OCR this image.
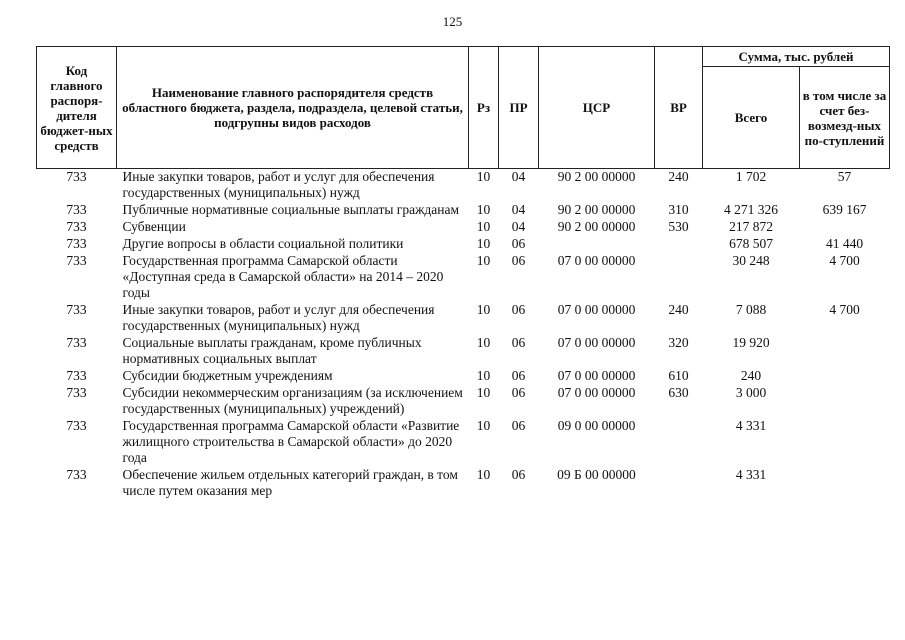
125
Код главного распоря-дителя бюджет-ных средств	Наименование главного распорядителя средств областного бюджета, раздела, подраздела, целевой статьи, подгрупны видов расходов	Рз	ПР	ЦСР	ВР	Сумма, тыс. рублей	
						Всего	в том числе за счет без-возмезд-ных по-ступлений
733	Иные закупки товаров, работ и услуг для обеспечения государственных (муниципальных) нужд	10	04	90 2 00 00000	240	1 702	57
733	Публичные нормативные социальные выплаты гражданам	10	04	90 2 00 00000	310	4 271 326	639 167
733	Субвенции	10	04	90 2 00 00000	530	217 872	
733	Другие вопросы в области социальной политики	10	06			678 507	41 440
733	Государственная программа Самарской области «Доступная среда в Самарской области» на 2014 – 2020 годы	10	06	07 0 00 00000		30 248	4 700
733	Иные закупки товаров, работ и услуг для обеспечения государственных (муниципальных) нужд	10	06	07 0 00 00000	240	7 088	4 700
733	Социальные выплаты гражданам, кроме публичных нормативных социальных выплат	10	06	07 0 00 00000	320	19 920	
733	Субсидии бюджетным учреждениям	10	06	07 0 00 00000	610	240	
733	Субсидии некоммерческим организациям (за исключением государственных (муниципальных) учреждений)	10	06	07 0 00 00000	630	3 000	
733	Государственная программа Самарской области «Развитие жилищного строительства в Самарской области» до 2020 года	10	06	09 0 00 00000		4 331	
733	Обеспечение жильем отдельных категорий граждан, в том числе путем оказания мер	10	06	09 Б 00 00000		4 331	
